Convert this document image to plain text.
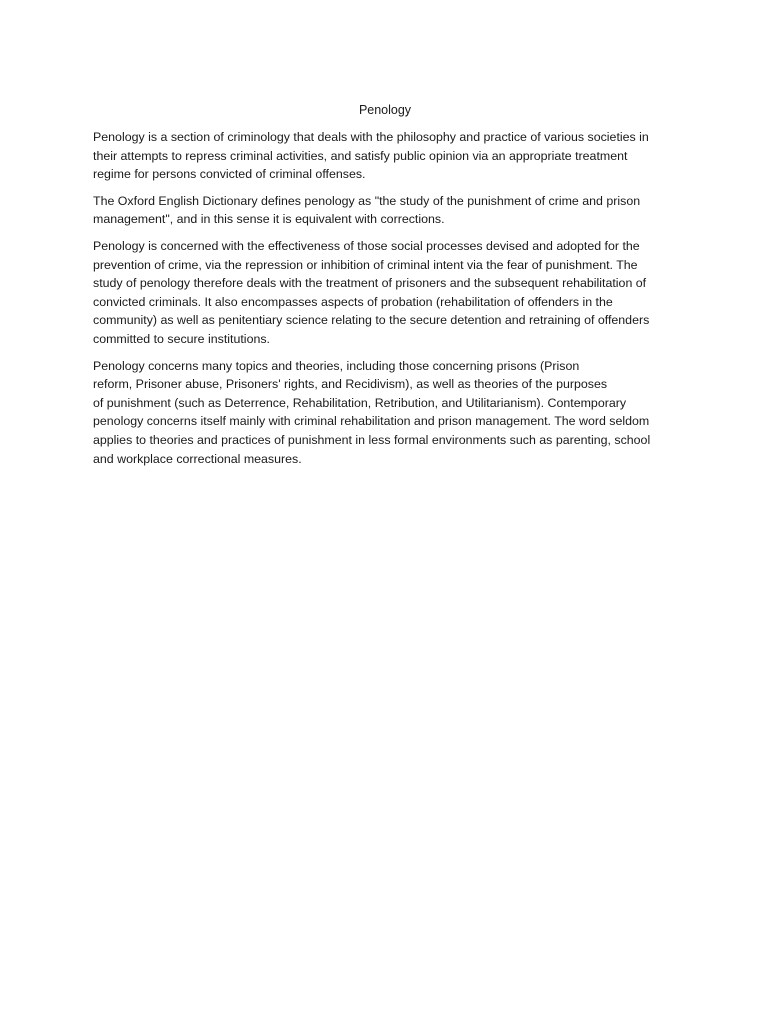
Penology
Penology is a section of criminology that deals with the philosophy and practice of various societies in
their attempts to repress criminal activities, and satisfy public opinion via an appropriate treatment
regime for persons convicted of criminal offenses.
The Oxford English Dictionary defines penology as "the study of the punishment of crime and prison
management", and in this sense it is equivalent with corrections.
Penology is concerned with the effectiveness of those social processes devised and adopted for the
prevention of crime, via the repression or inhibition of criminal intent via the fear of punishment. The
study of penology therefore deals with the treatment of prisoners and the subsequent rehabilitation of
convicted criminals. It also encompasses aspects of probation (rehabilitation of offenders in the
community) as well as penitentiary science relating to the secure detention and retraining of offenders
committed to secure institutions.
Penology concerns many topics and theories, including those concerning prisons (Prison
reform, Prisoner abuse, Prisoners' rights, and Recidivism), as well as theories of the purposes
of punishment (such as Deterrence, Rehabilitation, Retribution, and Utilitarianism). Contemporary
penology concerns itself mainly with criminal rehabilitation and prison management. The word seldom
applies to theories and practices of punishment in less formal environments such as parenting, school
and workplace correctional measures.
